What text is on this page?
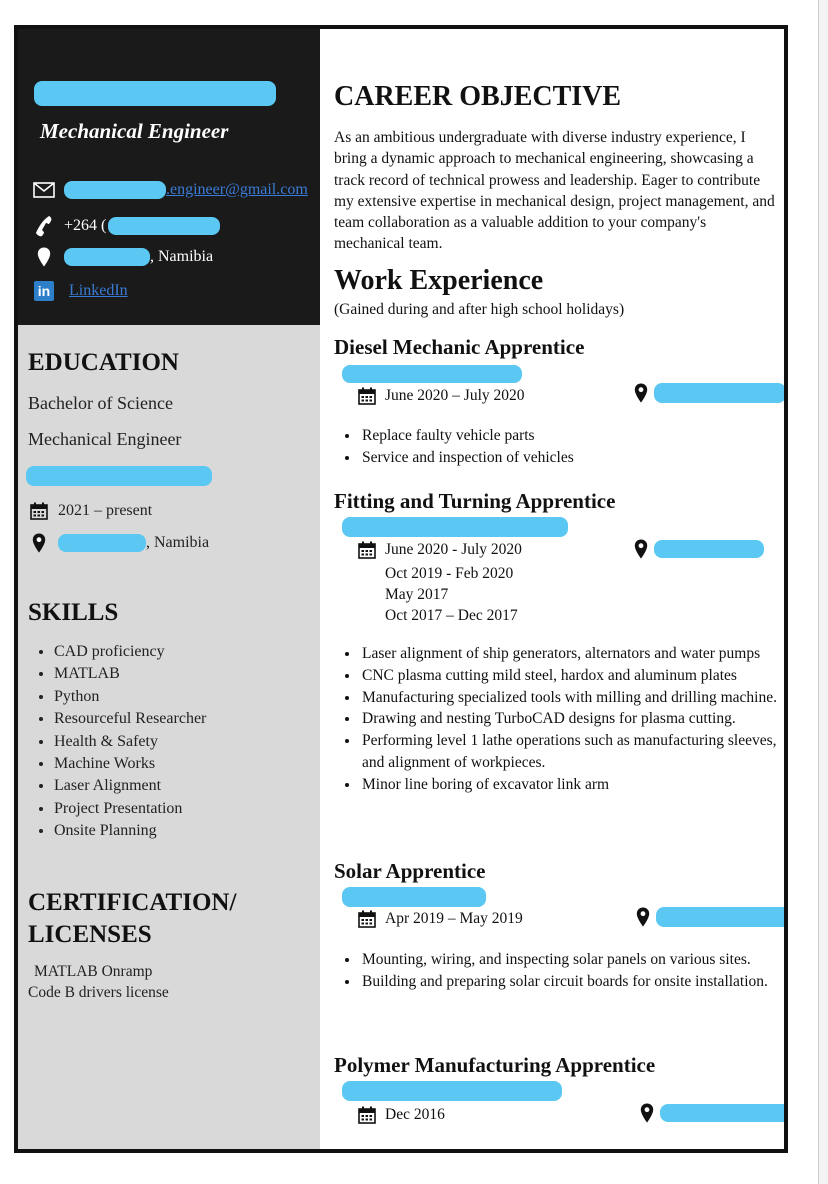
Mechanical Engineer
.engineer@gmail.com
+264 (
, Namibia
in LinkedIn
EDUCATION
Bachelor of Science
Mechanical Engineer
2021 – present
, Namibia
SKILLS
• CAD proficiency
• MATLAB
• Python
• Resourceful Researcher
• Health & Safety
• Machine Works
• Laser Alignment
• Project Presentation
• Onsite Planning
CERTIFICATION/
LICENSES
MATLAB Onramp
Code B drivers license
CAREER OBJECTIVE
As an ambitious undergraduate with diverse industry experience, I bring a dynamic approach to mechanical engineering, showcasing a track record of technical prowess and leadership. Eager to contribute my extensive expertise in mechanical design, project management, and team collaboration as a valuable addition to your company's mechanical team.
Work Experience
(Gained during and after high school holidays)
Diesel Mechanic Apprentice
June 2020 – July 2020
• Replace faulty vehicle parts
• Service and inspection of vehicles
Fitting and Turning Apprentice
June 2020 - July 2020
Oct 2019 - Feb 2020
May 2017
Oct 2017 – Dec 2017
• Laser alignment of ship generators, alternators and water pumps
• CNC plasma cutting mild steel, hardox and aluminum plates
• Manufacturing specialized tools with milling and drilling machine.
• Drawing and nesting TurboCAD designs for plasma cutting.
• Performing level 1 lathe operations such as manufacturing sleeves, and alignment of workpieces.
• Minor line boring of excavator link arm
Solar Apprentice
Apr 2019 – May 2019
• Mounting, wiring, and inspecting solar panels on various sites.
• Building and preparing solar circuit boards for onsite installation.
Polymer Manufacturing Apprentice
Dec 2016
